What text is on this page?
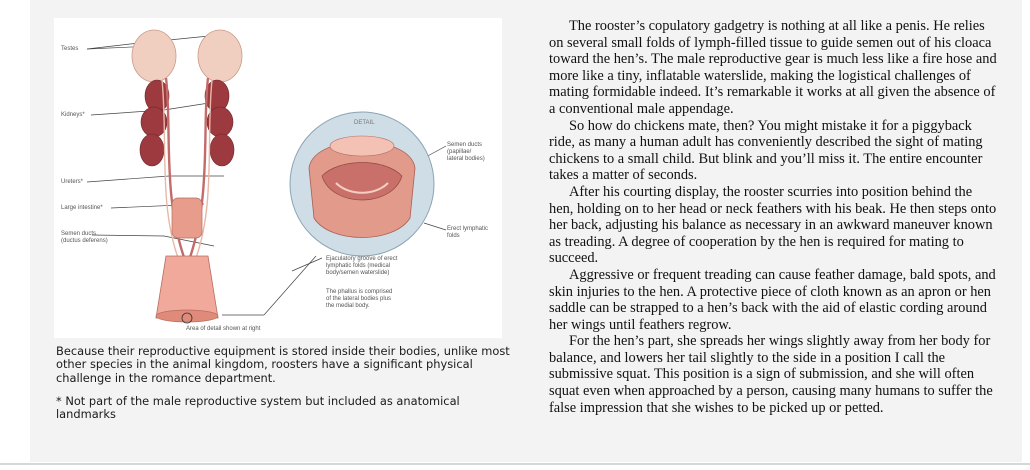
Testes
Kidneys*
Ureters*
Large intestine*
Semen ducts
(ductus deferens)
DETAIL
Semen ducts
(papillae/
lateral bodies)
Erect lymphatic
folds
Ejaculatory groove of erect
lymphatic folds (medical
body/semen waterslide)
The phallus is comprised
of the lateral bodies plus
the medial body.
Area of detail shown at right
Because their reproductive equipment is stored inside their bodies, unlike most other species in the animal kingdom, roosters have a significant physical challenge in the romance department.
* Not part of the male reproductive system but included as anatomical landmarks

The rooster’s copulatory gadgetry is nothing at all like a penis. He relies on several small folds of lymph-filled tissue to guide semen out of his cloaca toward the hen’s. The male reproductive gear is much less like a fire hose and more like a tiny, inflatable waterslide, making the logistical challenges of mating formidable indeed. It’s remarkable it works at all given the absence of a conventional male appendage.

So how do chickens mate, then? You might mistake it for a piggyback ride, as many a human adult has conveniently described the sight of mating chickens to a small child. But blink and you’ll miss it. The entire encounter takes a matter of seconds.

After his courting display, the rooster scurries into position behind the hen, holding on to her head or neck feathers with his beak. He then steps onto her back, adjusting his balance as necessary in an awkward maneuver known as treading. A degree of cooperation by the hen is required for mating to succeed.

Aggressive or frequent treading can cause feather damage, bald spots, and skin injuries to the hen. A protective piece of cloth known as an apron or hen saddle can be strapped to a hen’s back with the aid of elastic cording around her wings until feathers regrow.

For the hen’s part, she spreads her wings slightly away from her body for balance, and lowers her tail slightly to the side in a position I call the submissive squat. This position is a sign of submission, and she will often squat even when approached by a person, causing many humans to suffer the false impression that she wishes to be picked up or petted.
